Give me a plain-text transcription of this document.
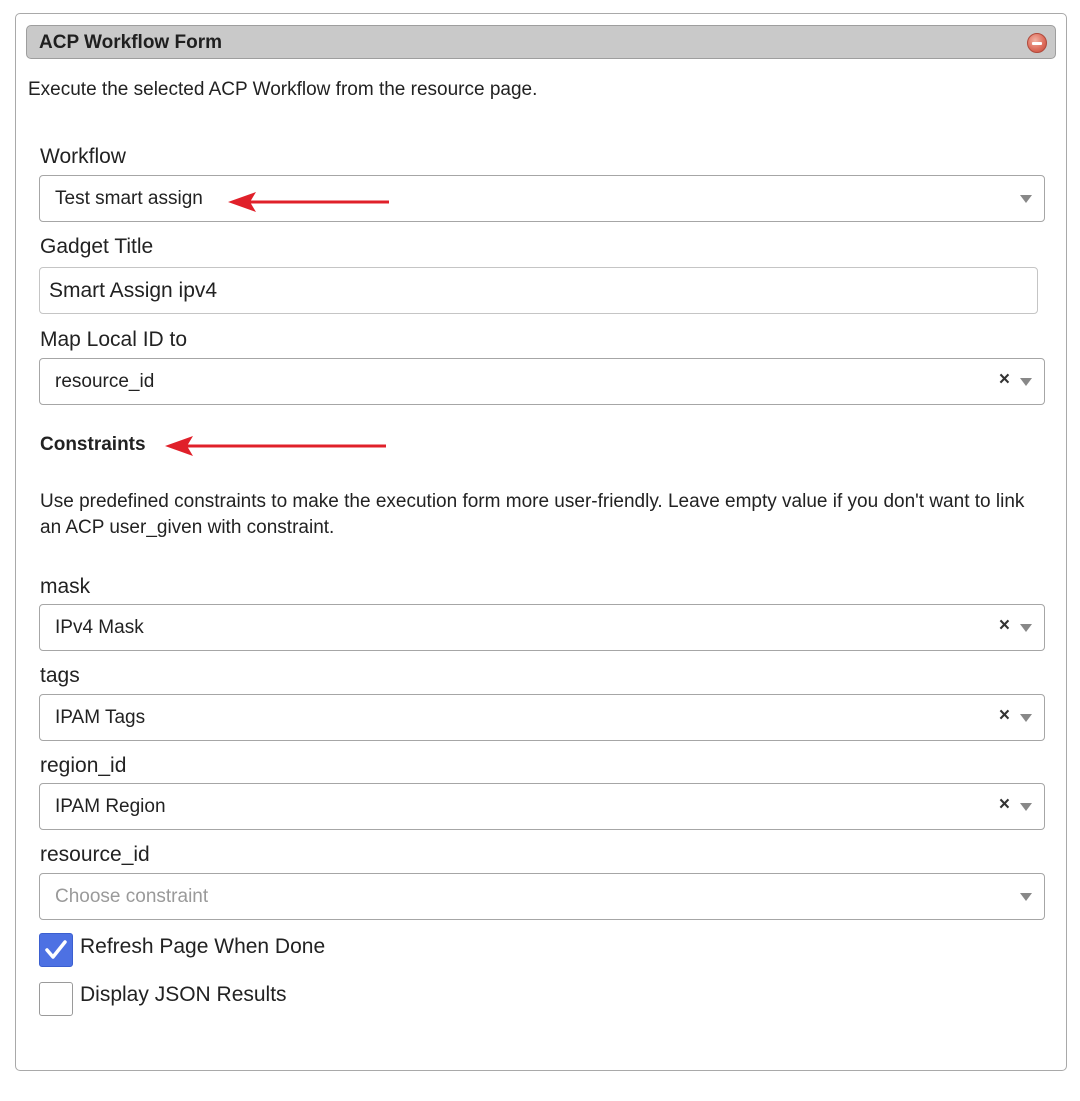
ACP Workflow Form
Execute the selected ACP Workflow from the resource page.
Workflow
Test smart assign
Gadget Title
Smart Assign ipv4
Map Local ID to
resource_id	×
Constraints
Use predefined constraints to make the execution form more user-friendly. Leave empty value if you don't want to link an ACP user_given with constraint.
mask
IPv4 Mask	×
tags
IPAM Tags	×
region_id
IPAM Region	×
resource_id
Choose constraint
Refresh Page When Done
Display JSON Results
